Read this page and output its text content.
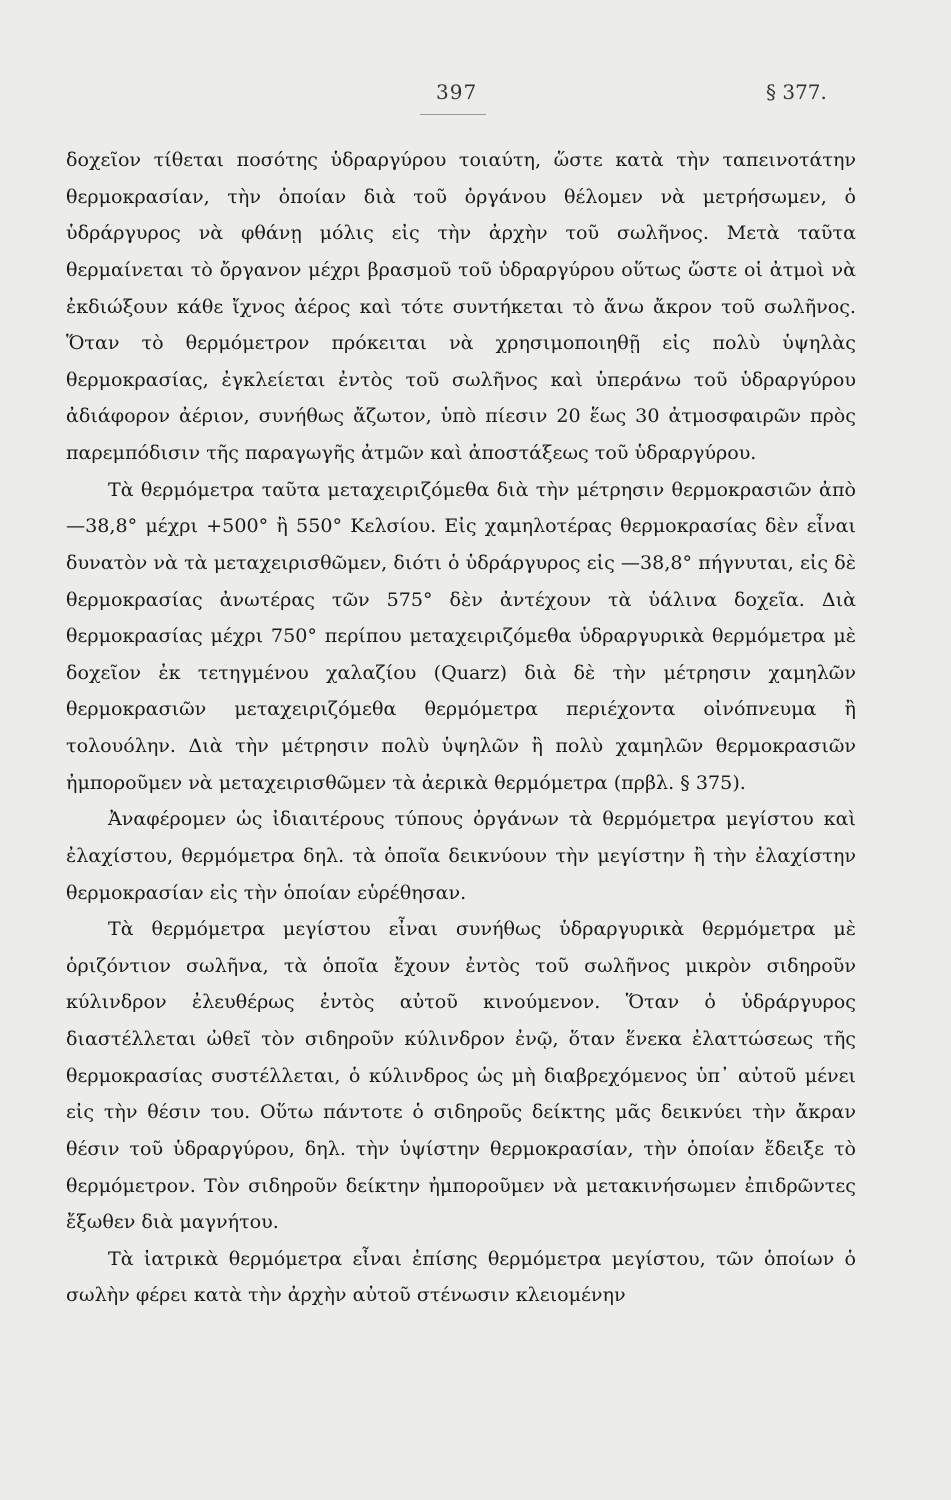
397	§ 377.

δοχεῖον τίθεται ποσότης ὑδραργύρου τοιαύτη, ὥστε κατὰ τὴν ταπεινοτάτην θερμοκρασίαν, τὴν ὁποίαν διὰ τοῦ ὀργάνου θέλομεν νὰ μετρήσωμεν, ὁ ὑδράργυρος νὰ φθάνῃ μόλις εἰς τὴν ἀρχὴν τοῦ σωλῆνος. Μετὰ ταῦτα θερμαίνεται τὸ ὄργανον μέχρι βρασμοῦ τοῦ ὑδραργύρου οὕτως ὥστε οἱ ἀτμοὶ νὰ ἐκδιώξουν κάθε ἴχνος ἀέρος καὶ τότε συντήκεται τὸ ἄνω ἄκρον τοῦ σωλῆνος. Ὅταν τὸ θερμόμετρον πρόκειται νὰ χρησιμοποιηθῇ εἰς πολὺ ὑψηλὰς θερμοκρασίας, ἐγκλείεται ἐντὸς τοῦ σωλῆνος καὶ ὑπεράνω τοῦ ὑδραργύρου ἀδιάφορον ἀέριον, συνήθως ἄζωτον, ὑπὸ πίεσιν 20 ἕως 30 ἀτμοσφαιρῶν πρὸς παρεμπόδισιν τῆς παραγωγῆς ἀτμῶν καὶ ἀποστάξεως τοῦ ὑδραργύρου.

Τὰ θερμόμετρα ταῦτα μεταχειριζόμεθα διὰ τὴν μέτρησιν θερμοκρασιῶν ἀπὸ —38,8° μέχρι +500° ἢ 550° Κελσίου. Εἰς χαμηλοτέρας θερμοκρασίας δὲν εἶναι δυνατὸν νὰ τὰ μεταχειρισθῶμεν, διότι ὁ ὑδράργυρος εἰς —38,8° πήγνυται, εἰς δὲ θερμοκρασίας ἀνωτέρας τῶν 575° δὲν ἀντέχουν τὰ ὑάλινα δοχεῖα. Διὰ θερμοκρασίας μέχρι 750° περίπου μεταχειριζόμεθα ὑδραργυρικὰ θερμόμετρα μὲ δοχεῖον ἐκ τετηγμένου χαλαζίου (Quarz) διὰ δὲ τὴν μέτρησιν χαμηλῶν θερμοκρασιῶν μεταχειριζόμεθα θερμόμετρα περιέχοντα οἰνόπνευμα ἢ τολουόλην. Διὰ τὴν μέτρησιν πολὺ ὑψηλῶν ἢ πολὺ χαμηλῶν θερμοκρασιῶν ἠμποροῦμεν νὰ μεταχειρισθῶμεν τὰ ἀερικὰ θερμόμετρα (πρβλ. § 375).

Ἀναφέρομεν ὡς ἰδιαιτέρους τύπους ὀργάνων τὰ θερμόμετρα μεγίστου καὶ ἐλαχίστου, θερμόμετρα δηλ. τὰ ὁποῖα δεικνύουν τὴν μεγίστην ἢ τὴν ἐλαχίστην θερμοκρασίαν εἰς τὴν ὁποίαν εὑρέθησαν.

Τὰ θερμόμετρα μεγίστου εἶναι συνήθως ὑδραργυρικὰ θερμόμετρα μὲ ὁριζόντιον σωλῆνα, τὰ ὁποῖα ἔχουν ἐντὸς τοῦ σωλῆνος μικρὸν σιδηροῦν κύλινδρον ἐλευθέρως ἐντὸς αὐτοῦ κινούμενον. Ὅταν ὁ ὑδράργυρος διαστέλλεται ὠθεῖ τὸν σιδηροῦν κύλινδρον ἐνῷ, ὅταν ἕνεκα ἐλαττώσεως τῆς θερμοκρασίας συστέλλεται, ὁ κύλινδρος ὡς μὴ διαβρεχόμενος ὑπ᾿ αὐτοῦ μένει εἰς τὴν θέσιν του. Οὕτω πάντοτε ὁ σιδηροῦς δείκτης μᾶς δεικνύει τὴν ἄκραν θέσιν τοῦ ὑδραργύρου, δηλ. τὴν ὑψίστην θερμοκρασίαν, τὴν ὁποίαν ἔδειξε τὸ θερμόμετρον. Τὸν σιδηροῦν δείκτην ἠμποροῦμεν νὰ μετακινήσωμεν ἐπιδρῶντες ἔξωθεν διὰ μαγνήτου.

Τὰ ἰατρικὰ θερμόμετρα εἶναι ἐπίσης θερμόμετρα μεγίστου, τῶν ὁποίων ὁ σωλὴν φέρει κατὰ τὴν ἀρχὴν αὐτοῦ στένωσιν κλειομένην
